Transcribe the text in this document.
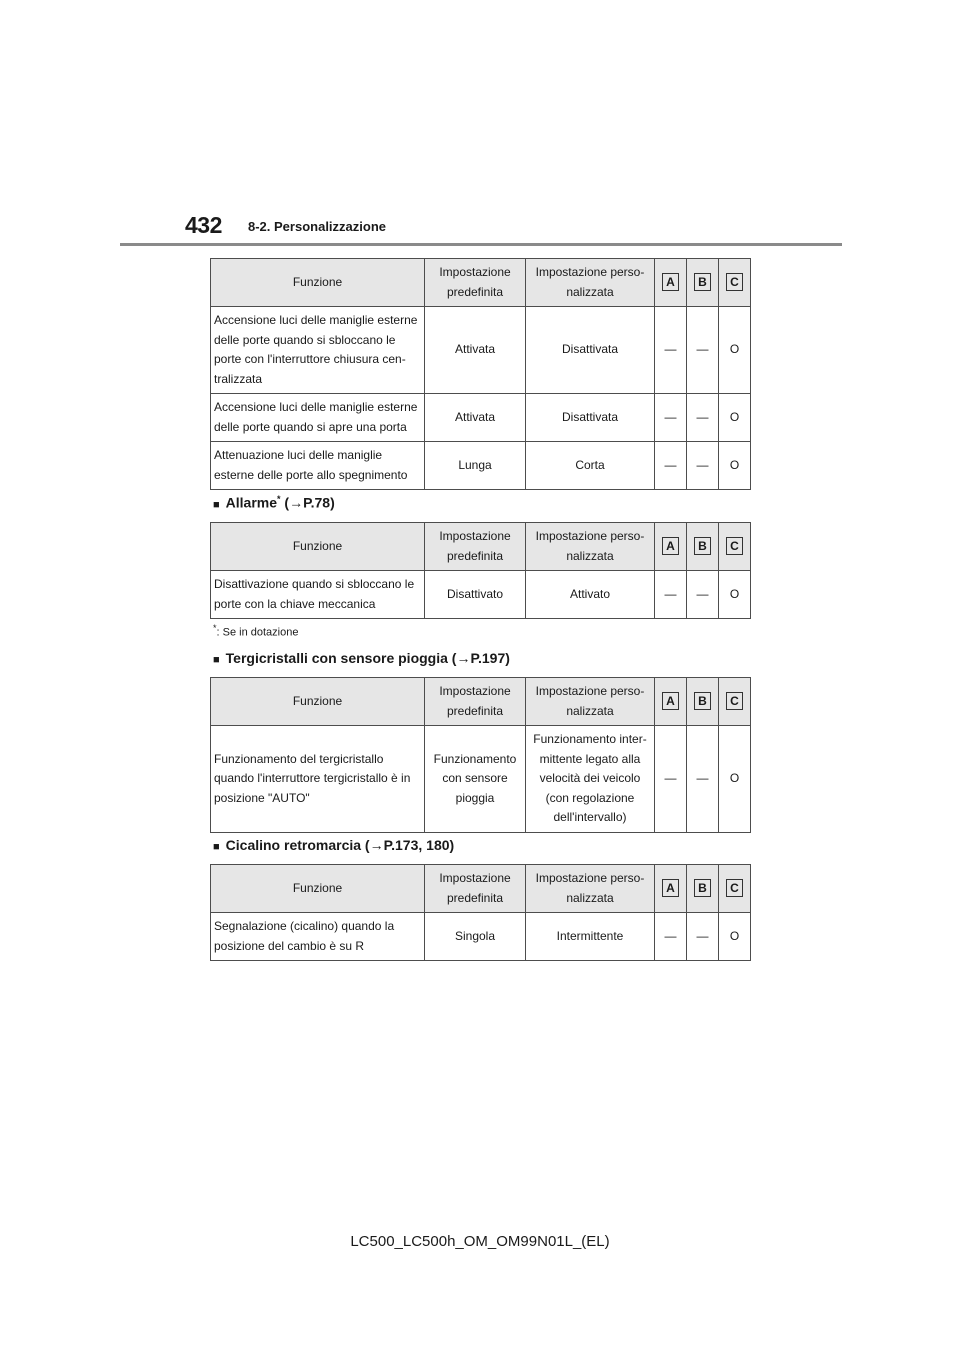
432 8-2. Personalizzazione
Funzione	Impostazione predefinita	Impostazione perso-nalizzata	A	B	C
Accensione luci delle maniglie esterne delle porte quando si sbloccano le porte con l'interruttore chiusura cen-tralizzata	Attivata	Disattivata	—	—	O
Accensione luci delle maniglie esterne delle porte quando si apre una porta	Attivata	Disattivata	—	—	O
Attenuazione luci delle maniglie esterne delle porte allo spegnimento	Lunga	Corta	—	—	O
■ Allarme* (→P.78)
Funzione	Impostazione predefinita	Impostazione perso-nalizzata	A	B	C
Disattivazione quando si sbloccano le porte con la chiave meccanica	Disattivato	Attivato	—	—	O
*: Se in dotazione
■ Tergicristalli con sensore pioggia (→P.197)
Funzione	Impostazione predefinita	Impostazione perso-nalizzata	A	B	C
Funzionamento del tergicristallo quando l'interruttore tergicristallo è in posizione "AUTO"	Funzionamento con sensore pioggia	Funzionamento inter-mittente legato alla velocità dei veicolo (con regolazione dell'intervallo)	—	—	O
■ Cicalino retromarcia (→P.173, 180)
Funzione	Impostazione predefinita	Impostazione perso-nalizzata	A	B	C
Segnalazione (cicalino) quando la posizione del cambio è su R	Singola	Intermittente	—	—	O
LC500_LC500h_OM_OM99N01L_(EL)
